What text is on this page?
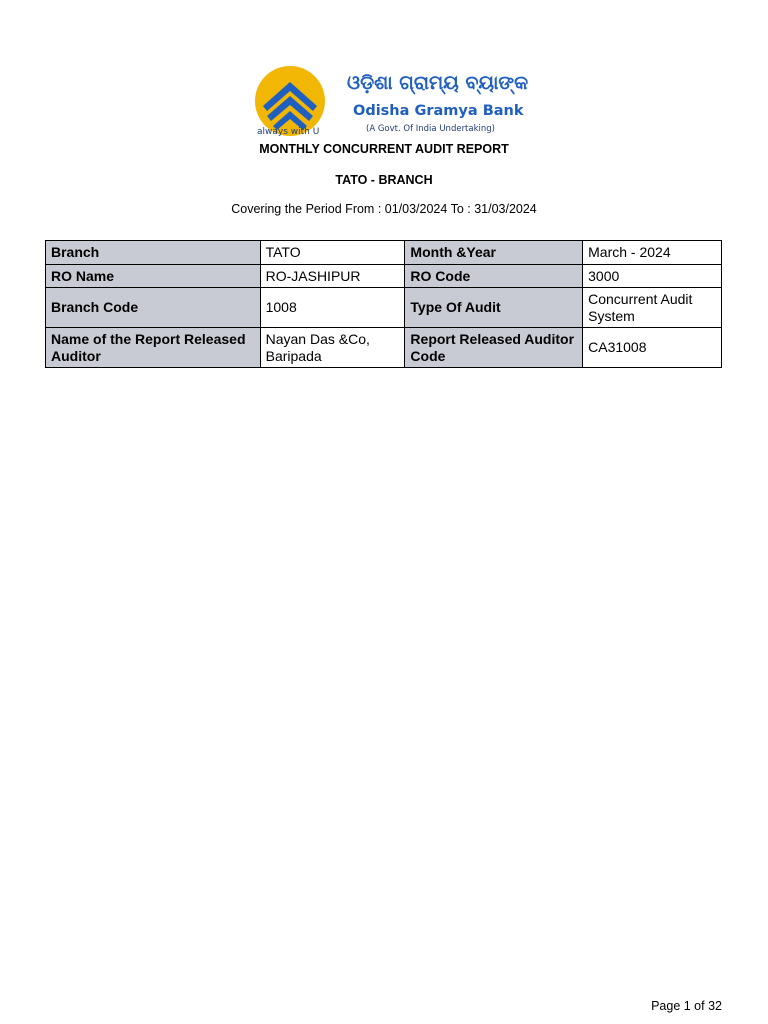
always with U
ଓଡ଼ିଶା ଗ୍ରାମ୍ୟ ବ୍ୟାଙ୍କ
Odisha Gramya Bank
(A Govt. Of India Undertaking)
MONTHLY CONCURRENT AUDIT REPORT
TATO - BRANCH
Covering the Period From : 01/03/2024 To : 31/03/2024
Branch	TATO	Month &Year	March - 2024
RO Name	RO-JASHIPUR	RO Code	3000
Branch Code	1008	Type Of Audit	Concurrent Audit System
Name of the Report Released Auditor	Nayan Das &Co, Baripada	Report Released Auditor Code	CA31008
Page 1 of 32
